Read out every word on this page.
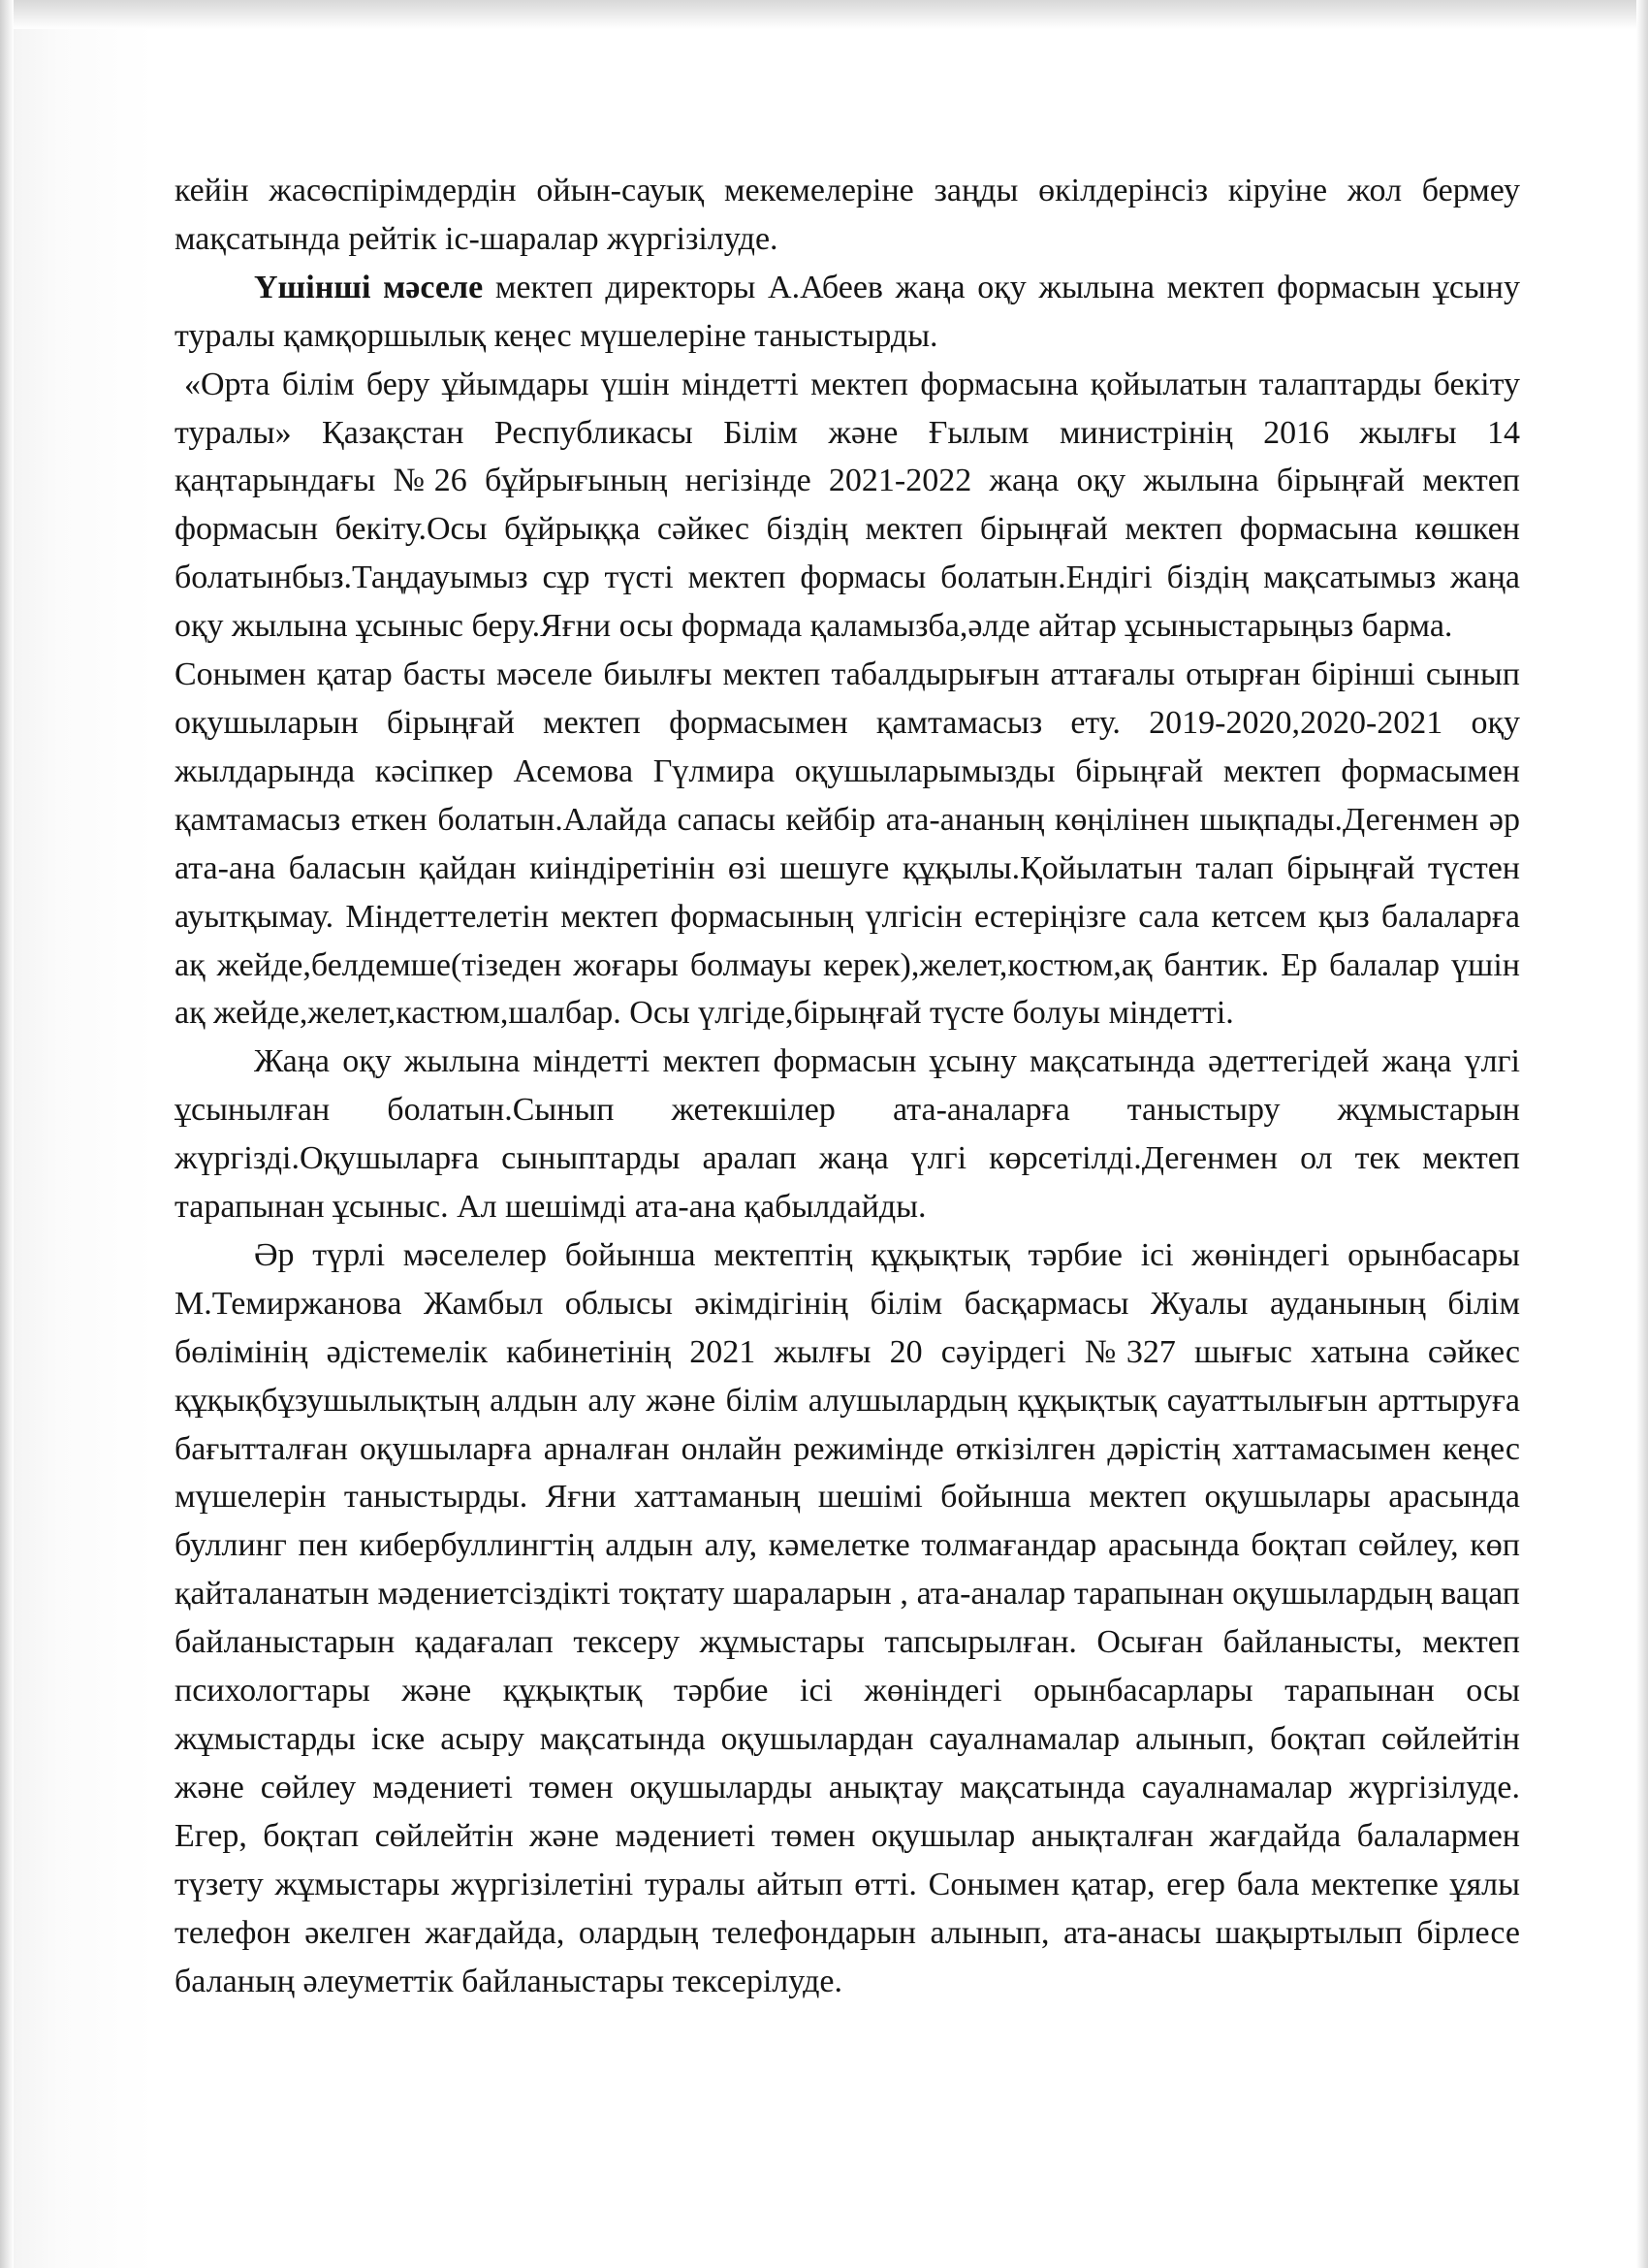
кейін жасөспірімдердін ойын-сауық мекемелеріне заңды өкілдерінсіз кіруіне жол бермеу мақсатында рейтік іс-шаралар жүргізілуде.

Үшінші мәселе мектеп директоры А.Абеев жаңа оқу жылына мектеп формасын ұсыну туралы қамқоршылық кеңес мүшелеріне таныстырды.

«Орта білім беру ұйымдары үшін міндетті мектеп формасына қойылатын талаптарды бекіту туралы» Қазақстан Республикасы Білім және Ғылым министрінің 2016 жылғы 14 қаңтарындағы №26 бұйрығының негізінде 2021-2022 жаңа оқу жылына бірыңғай мектеп формасын бекіту.Осы бұйрыққа сәйкес біздің мектеп бірыңғай мектеп формасына көшкен болатынбыз.Таңдауымыз сұр түсті мектеп формасы болатын.Ендігі біздің мақсатымыз жаңа оқу жылына ұсыныс беру.Яғни осы формада қаламызба,әлде айтар ұсыныстарыңыз барма.

Сонымен қатар басты мәселе биылғы мектеп табалдырығын аттағалы отырған бірінші сынып оқушыларын бірыңғай мектеп формасымен қамтамасыз ету. 2019-2020,2020-2021 оқу жылдарында кәсіпкер Асемова Гүлмира оқушыларымызды бірыңғай мектеп формасымен қамтамасыз еткен болатын.Алайда сапасы кейбір ата-ананың көңілінен шықпады.Дегенмен әр ата-ана баласын қайдан киіндіретінін өзі шешуге құқылы.Қойылатын талап бірыңғай түстен ауытқымау. Міндеттелетін мектеп формасының үлгісін естеріңізге сала кетсем қыз балаларға ақ жейде,белдемше(тізеден жоғары болмауы керек),желет,костюм,ақ бантик. Ер балалар үшін ақ жейде,желет,кастюм,шалбар. Осы үлгіде,бірыңғай түсте болуы міндетті.

Жаңа оқу жылына міндетті мектеп формасын ұсыну мақсатында әдеттегідей жаңа үлгі ұсынылған болатын.Сынып жетекшілер ата-аналарға таныстыру жұмыстарын жүргізді.Оқушыларға сыныптарды аралап жаңа үлгі көрсетілді.Дегенмен ол тек мектеп тарапынан ұсыныс. Ал шешімді ата-ана қабылдайды.

Әр түрлі мәселелер бойынша мектептің құқықтық тәрбие ісі жөніндегі орынбасары М.Темиржанова Жамбыл облысы әкімдігінің білім басқармасы Жуалы ауданының білім бөлімінің әдістемелік кабинетінің 2021 жылғы 20 сәуірдегі №327 шығыс хатына сәйкес құқықбұзушылықтың алдын алу және білім алушылардың құқықтық сауаттылығын арттыруға бағытталған оқушыларға арналған онлайн режимінде өткізілген дәрістің хаттамасымен кеңес мүшелерін таныстырды. Яғни хаттаманың шешімі бойынша мектеп оқушылары арасында буллинг пен кибербуллингтің алдын алу, кәмелетке толмағандар арасында боқтап сөйлеу, көп қайталанатын мәдениетсіздікті тоқтату шараларын , ата-аналар тарапынан оқушылардың вацап байланыстарын қадағалап тексеру жұмыстары тапсырылған. Осыған байланысты, мектеп психологтары және құқықтық тәрбие ісі жөніндегі орынбасарлары тарапынан осы жұмыстарды іске асыру мақсатында оқушылардан сауалнамалар алынып, боқтап сөйлейтін және сөйлеу мәдениеті төмен оқушыларды анықтау мақсатында сауалнамалар жүргізілуде. Егер, боқтап сөйлейтін және мәдениеті төмен оқушылар анықталған жағдайда балалармен түзету жұмыстары жүргізілетіні туралы айтып өтті. Сонымен қатар, егер бала мектепке ұялы телефон әкелген жағдайда, олардың телефондарын алынып, ата-анасы шақыртылып бірлесе баланың әлеуметтік байланыстары тексерілуде.
